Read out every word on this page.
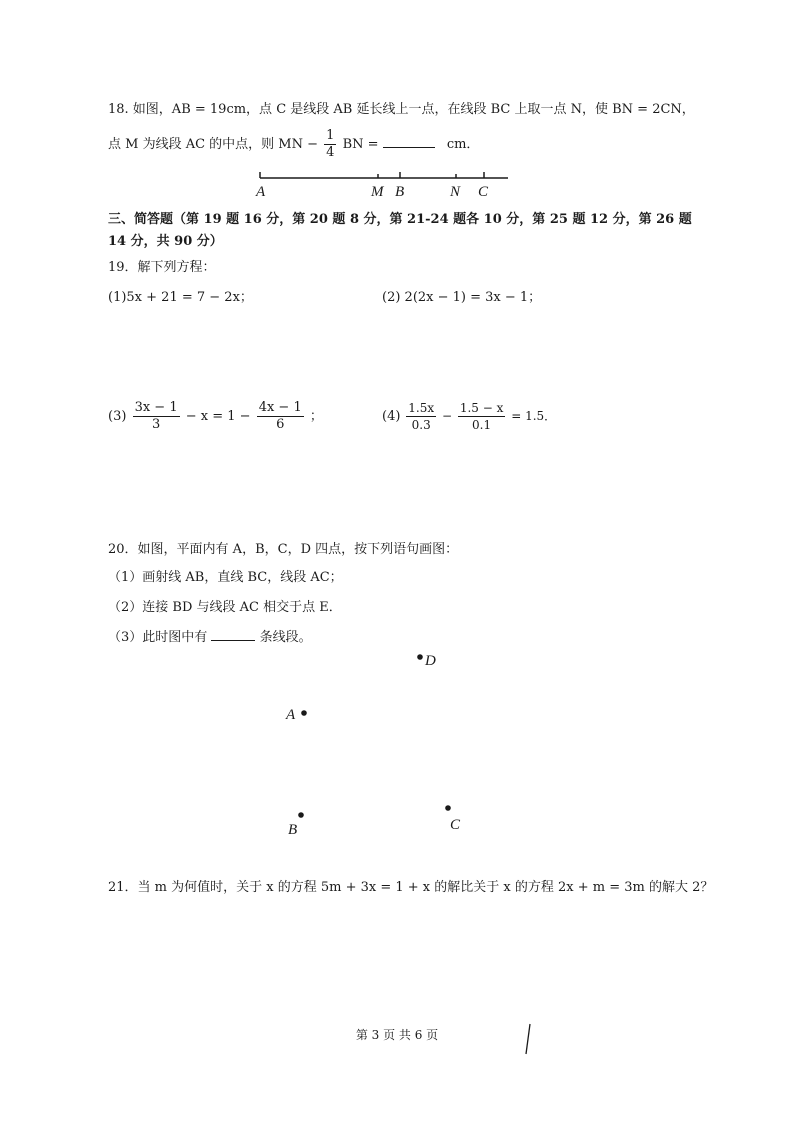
18. 如图，AB = 19cm，点 C 是线段 AB 延长线上一点，在线段 BC 上取一点 N，使 BN = 2CN，
点 M 为线段 AC 的中点，则 MN − $\frac{1}{4}$ BN =	cm．
A	M B	N C
三、简答题（第 19 题 16 分，第 20 题 8 分，第 21-24 题各 10 分，第 25 题 12 分，第 26 题
14 分，共 90 分）
19．解下列方程：
(1)5x + 21 = 7 − 2x；	(2) 2(2x − 1) = 3x − 1；
$(3) \frac{3x - 1}{3} - x = 1 - \frac{4x - 1}{6}$ ；	$(4) \frac{1.5x}{0.3} - \frac{1.5 - x}{0.1} = 1.5$．
20．如图，平面内有 A，B，C，D 四点，按下列语句画图：
（1）画射线 AB，直线 BC，线段 AC；
（2）连接 BD 与线段 AC 相交于点 E．
（3）此时图中有	条线段。
D
A
B	C
21．当 m 为何值时，关于 x 的方程 5m + 3x = 1 + x 的解比关于 x 的方程 2x + m = 3m 的解大 2？
第 3 页 共 6 页
